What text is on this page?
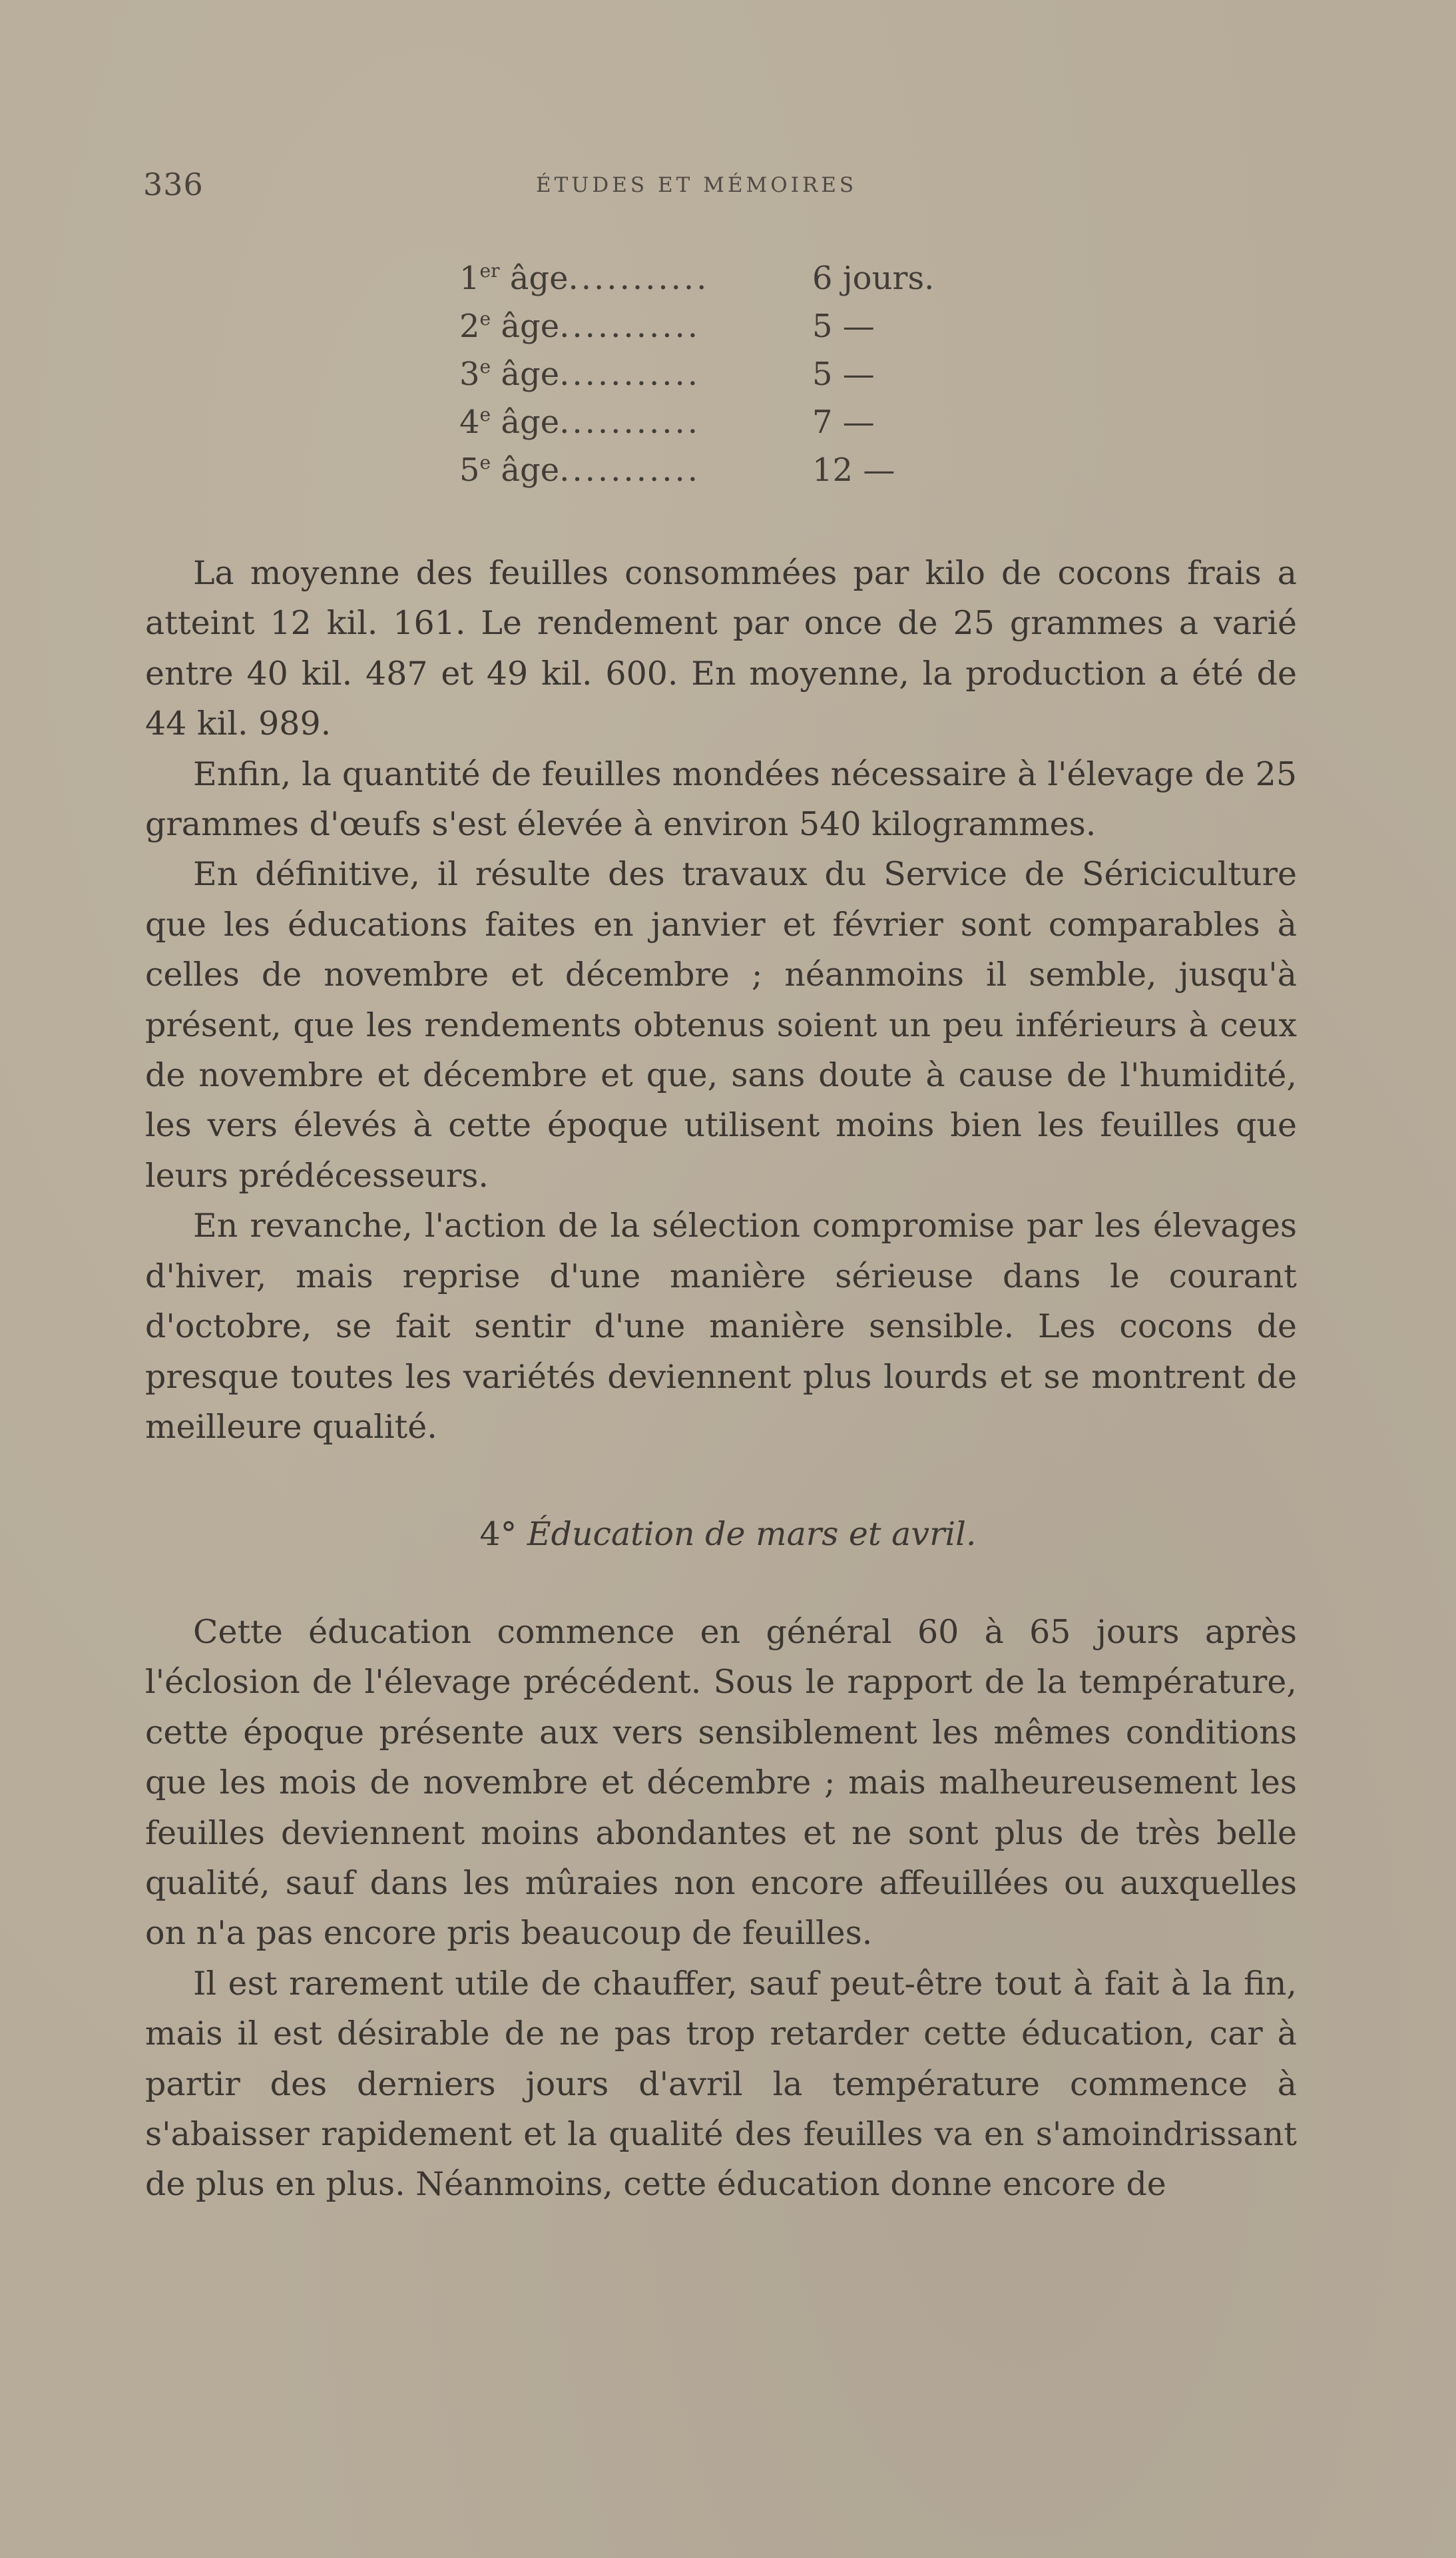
336	ÉTUDES ET MÉMOIRES
1er âge...........	6 jours.
2e âge...........	5 —
3e âge...........	5 —
4e âge...........	7 —
5e âge...........	12 —

La moyenne des feuilles consommées par kilo de cocons frais a atteint 12 kil. 161. Le rendement par once de 25 grammes a varié entre 40 kil. 487 et 49 kil. 600. En moyenne, la production a été de 44 kil. 989.

Enfin, la quantité de feuilles mondées nécessaire à l'élevage de 25 grammes d'œufs s'est élevée à environ 540 kilogrammes.

En définitive, il résulte des travaux du Service de Sériciculture que les éducations faites en janvier et février sont comparables à celles de novembre et décembre ; néanmoins il semble, jusqu'à présent, que les rendements obtenus soient un peu inférieurs à ceux de novembre et décembre et que, sans doute à cause de l'humidité, les vers élevés à cette époque utilisent moins bien les feuilles que leurs prédécesseurs.

En revanche, l'action de la sélection compromise par les élevages d'hiver, mais reprise d'une manière sérieuse dans le courant d'octobre, se fait sentir d'une manière sensible. Les cocons de presque toutes les variétés deviennent plus lourds et se montrent de meilleure qualité.

4° Éducation de mars et avril.

Cette éducation commence en général 60 à 65 jours après l'éclosion de l'élevage précédent. Sous le rapport de la température, cette époque présente aux vers sensiblement les mêmes conditions que les mois de novembre et décembre ; mais malheureusement les feuilles deviennent moins abondantes et ne sont plus de très belle qualité, sauf dans les mûraies non encore affeuillées ou auxquelles on n'a pas encore pris beaucoup de feuilles.

Il est rarement utile de chauffer, sauf peut-être tout à fait à la fin, mais il est désirable de ne pas trop retarder cette éducation, car à partir des derniers jours d'avril la température commence à s'abaisser rapidement et la qualité des feuilles va en s'amoindrissant de plus en plus. Néanmoins, cette éducation donne encore de
